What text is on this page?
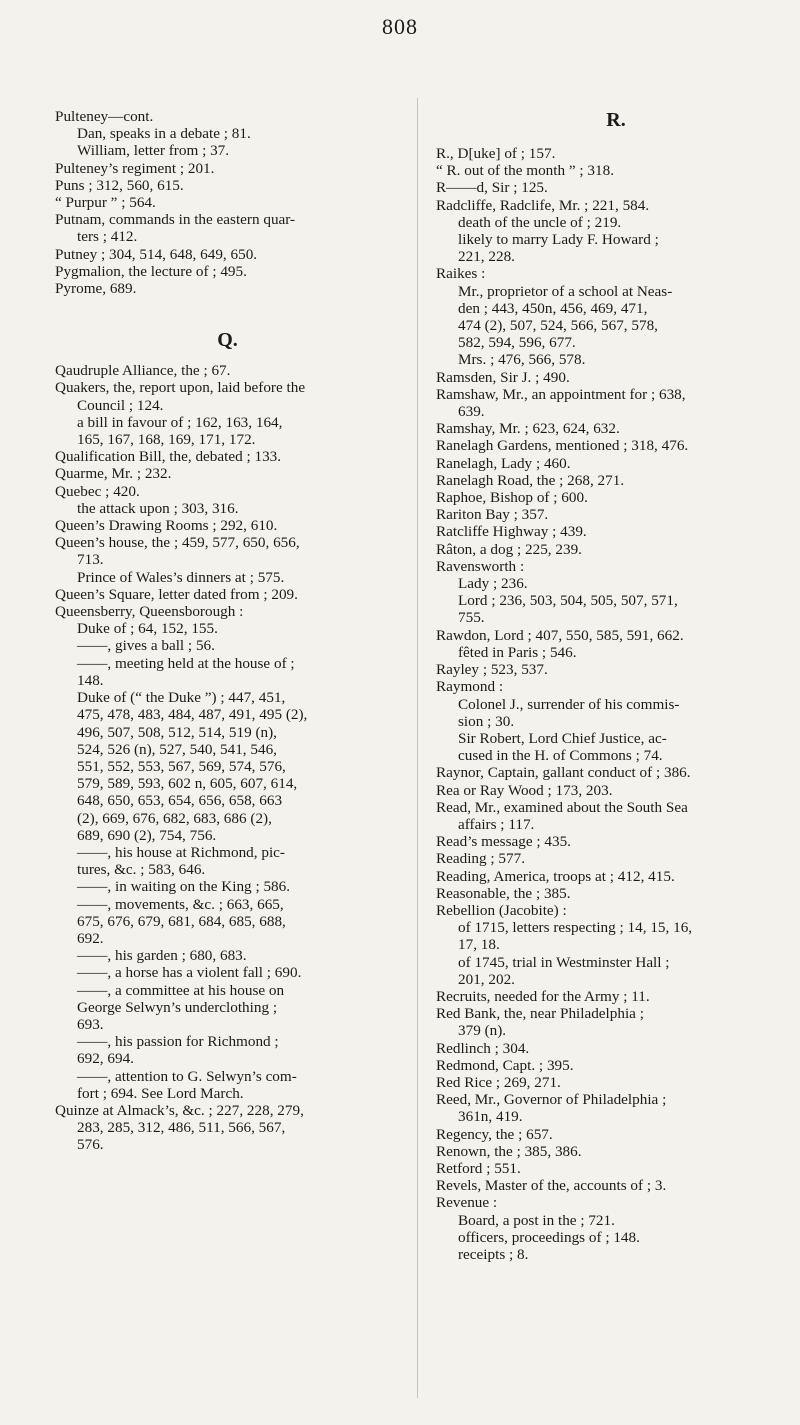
808
Pulteney—cont.
Dan, speaks in a debate ; 81.
William, letter from ; 37.
Pulteney’s regiment ; 201.
Puns ; 312, 560, 615.
“ Purpur ” ; 564.
Putnam, commands in the eastern quar-
ters ; 412.
Putney ; 304, 514, 648, 649, 650.
Pygmalion, the lecture of ; 495.
Pyrome, 689.
Q.
Qaudruple Alliance, the ; 67.
Quakers, the, report upon, laid before the
Council ; 124.
a bill in favour of ; 162, 163, 164,
165, 167, 168, 169, 171, 172.
Qualification Bill, the, debated ; 133.
Quarme, Mr. ; 232.
Quebec ; 420.
the attack upon ; 303, 316.
Queen’s Drawing Rooms ; 292, 610.
Queen’s house, the ; 459, 577, 650, 656,
713.
Prince of Wales’s dinners at ; 575.
Queen’s Square, letter dated from ; 209.
Queensberry, Queensborough :
Duke of ; 64, 152, 155.
——, gives a ball ; 56.
——, meeting held at the house of ;
148.
Duke of (“ the Duke ”) ; 447, 451,
475, 478, 483, 484, 487, 491, 495 (2),
496, 507, 508, 512, 514, 519 (n),
524, 526 (n), 527, 540, 541, 546,
551, 552, 553, 567, 569, 574, 576,
579, 589, 593, 602 n, 605, 607, 614,
648, 650, 653, 654, 656, 658, 663
(2), 669, 676, 682, 683, 686 (2),
689, 690 (2), 754, 756.
——, his house at Richmond, pic-
tures, &c. ; 583, 646.
——, in waiting on the King ; 586.
——, movements, &c. ; 663, 665,
675, 676, 679, 681, 684, 685, 688,
692.
——, his garden ; 680, 683.
——, a horse has a violent fall ; 690.
——, a committee at his house on
George Selwyn’s underclothing ;
693.
——, his passion for Richmond ;
692, 694.
——, attention to G. Selwyn’s com-
fort ; 694. See Lord March.
Quinze at Almack’s, &c. ; 227, 228, 279,
283, 285, 312, 486, 511, 566, 567,
576.
R.
R., D[uke] of ; 157.
“ R. out of the month ” ; 318.
R——d, Sir ; 125.
Radcliffe, Radclife, Mr. ; 221, 584.
death of the uncle of ; 219.
likely to marry Lady F. Howard ;
221, 228.
Raikes :
Mr., proprietor of a school at Neas-
den ; 443, 450n, 456, 469, 471,
474 (2), 507, 524, 566, 567, 578,
582, 594, 596, 677.
Mrs. ; 476, 566, 578.
Ramsden, Sir J. ; 490.
Ramshaw, Mr., an appointment for ; 638,
639.
Ramshay, Mr. ; 623, 624, 632.
Ranelagh Gardens, mentioned ; 318, 476.
Ranelagh, Lady ; 460.
Ranelagh Road, the ; 268, 271.
Raphoe, Bishop of ; 600.
Rariton Bay ; 357.
Ratcliffe Highway ; 439.
Râton, a dog ; 225, 239.
Ravensworth :
Lady ; 236.
Lord ; 236, 503, 504, 505, 507, 571,
755.
Rawdon, Lord ; 407, 550, 585, 591, 662.
fêted in Paris ; 546.
Rayley ; 523, 537.
Raymond :
Colonel J., surrender of his commis-
sion ; 30.
Sir Robert, Lord Chief Justice, ac-
cused in the H. of Commons ; 74.
Raynor, Captain, gallant conduct of ; 386.
Rea or Ray Wood ; 173, 203.
Read, Mr., examined about the South Sea
affairs ; 117.
Read’s message ; 435.
Reading ; 577.
Reading, America, troops at ; 412, 415.
Reasonable, the ; 385.
Rebellion (Jacobite) :
of 1715, letters respecting ; 14, 15, 16,
17, 18.
of 1745, trial in Westminster Hall ;
201, 202.
Recruits, needed for the Army ; 11.
Red Bank, the, near Philadelphia ;
379 (n).
Redlinch ; 304.
Redmond, Capt. ; 395.
Red Rice ; 269, 271.
Reed, Mr., Governor of Philadelphia ;
361n, 419.
Regency, the ; 657.
Renown, the ; 385, 386.
Retford ; 551.
Revels, Master of the, accounts of ; 3.
Revenue :
Board, a post in the ; 721.
officers, proceedings of ; 148.
receipts ; 8.
